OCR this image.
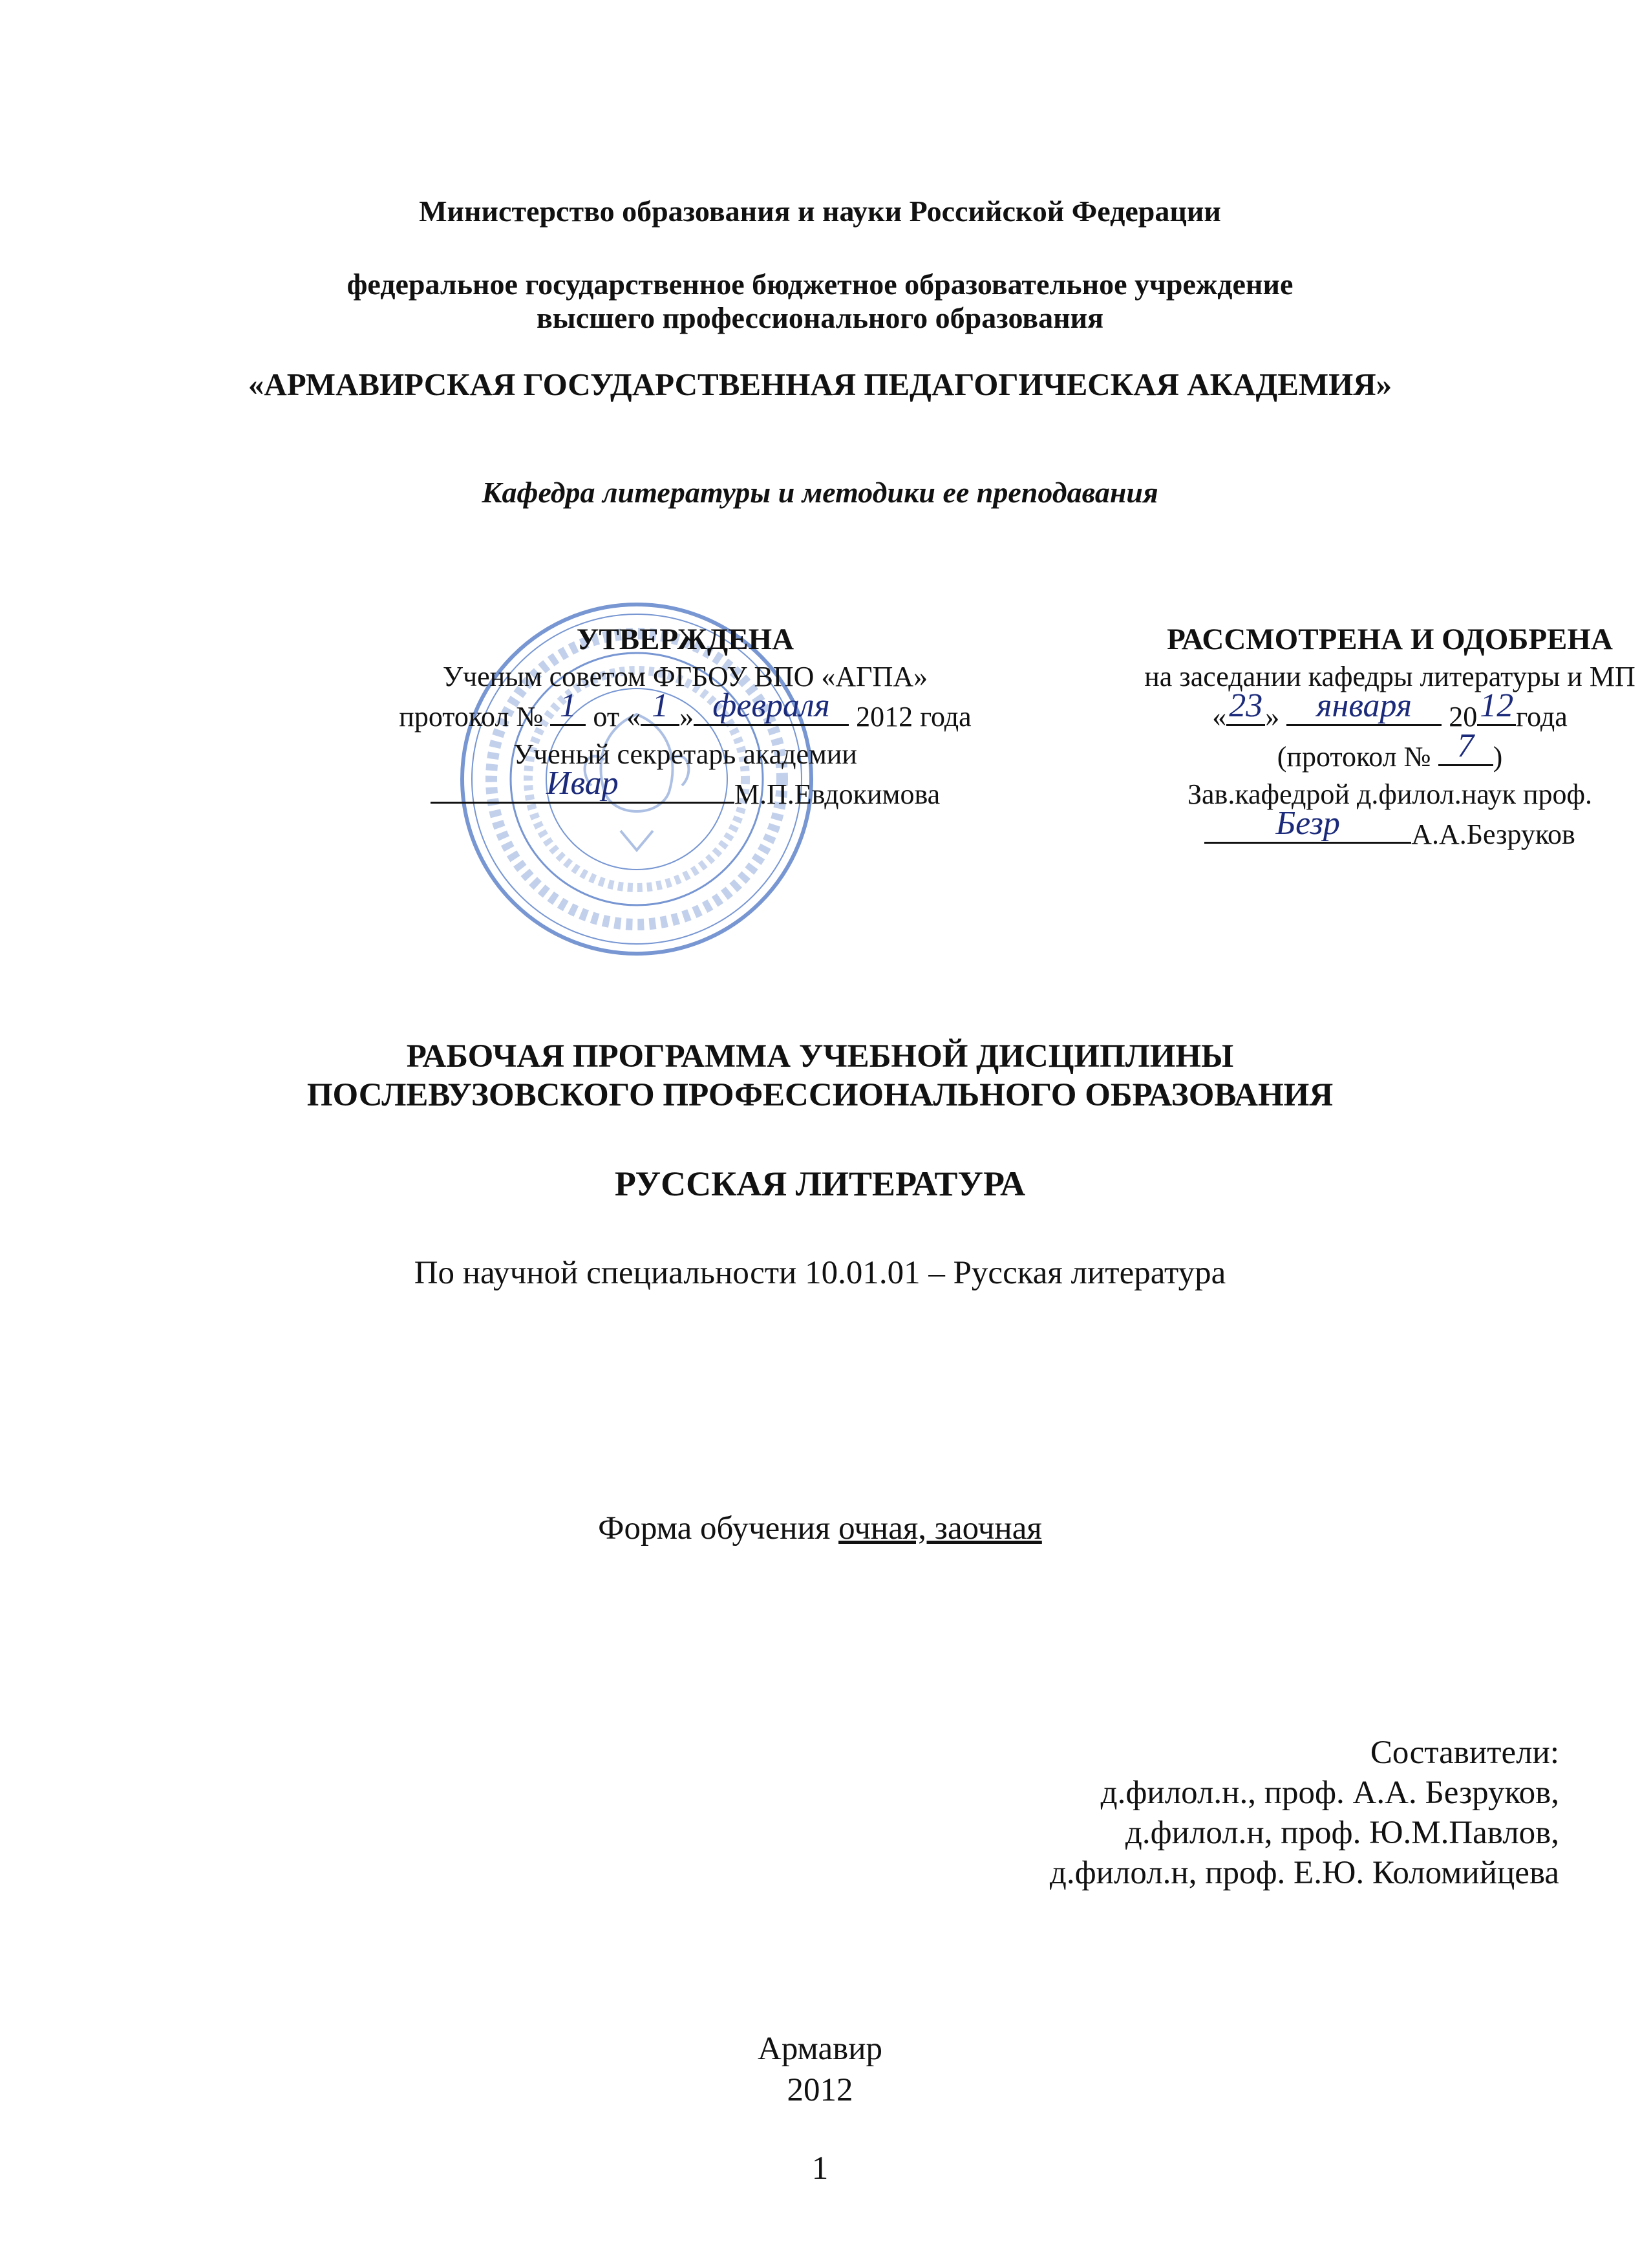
Министерство образования и науки Российской Федерации
федеральное государственное бюджетное образовательное учреждение
высшего профессионального образования
«АРМАВИРСКАЯ ГОСУДАРСТВЕННАЯ ПЕДАГОГИЧЕСКАЯ АКАДЕМИЯ»
Кафедра литературы и методики ее преподавания
УТВЕРЖДЕНА
Ученым советом ФГБОУ ВПО «АГПА»
протокол № 1 от « 1 » февраля 2012 года
Ученый секретарь академии
Ивар	М.П.Евдокимова
РАССМОТРЕНА И ОДОБРЕНА
на заседании кафедры литературы и МП
« 23 »	января	20 12 года
(протокол № 7 )
Зав.кафедрой д.филол.наук проф.
Безр	А.А.Безруков
РАБОЧАЯ ПРОГРАММА УЧЕБНОЙ ДИСЦИПЛИНЫ
ПОСЛЕВУЗОВСКОГО ПРОФЕССИОНАЛЬНОГО ОБРАЗОВАНИЯ
РУССКАЯ ЛИТЕРАТУРА
По научной специальности 10.01.01 – Русская литература
Форма обучения очная, заочная
Составители:
д.филол.н., проф. А.А. Безруков,
д.филол.н, проф. Ю.М.Павлов,
д.филол.н, проф. Е.Ю. Коломийцева
Армавир
2012
1
